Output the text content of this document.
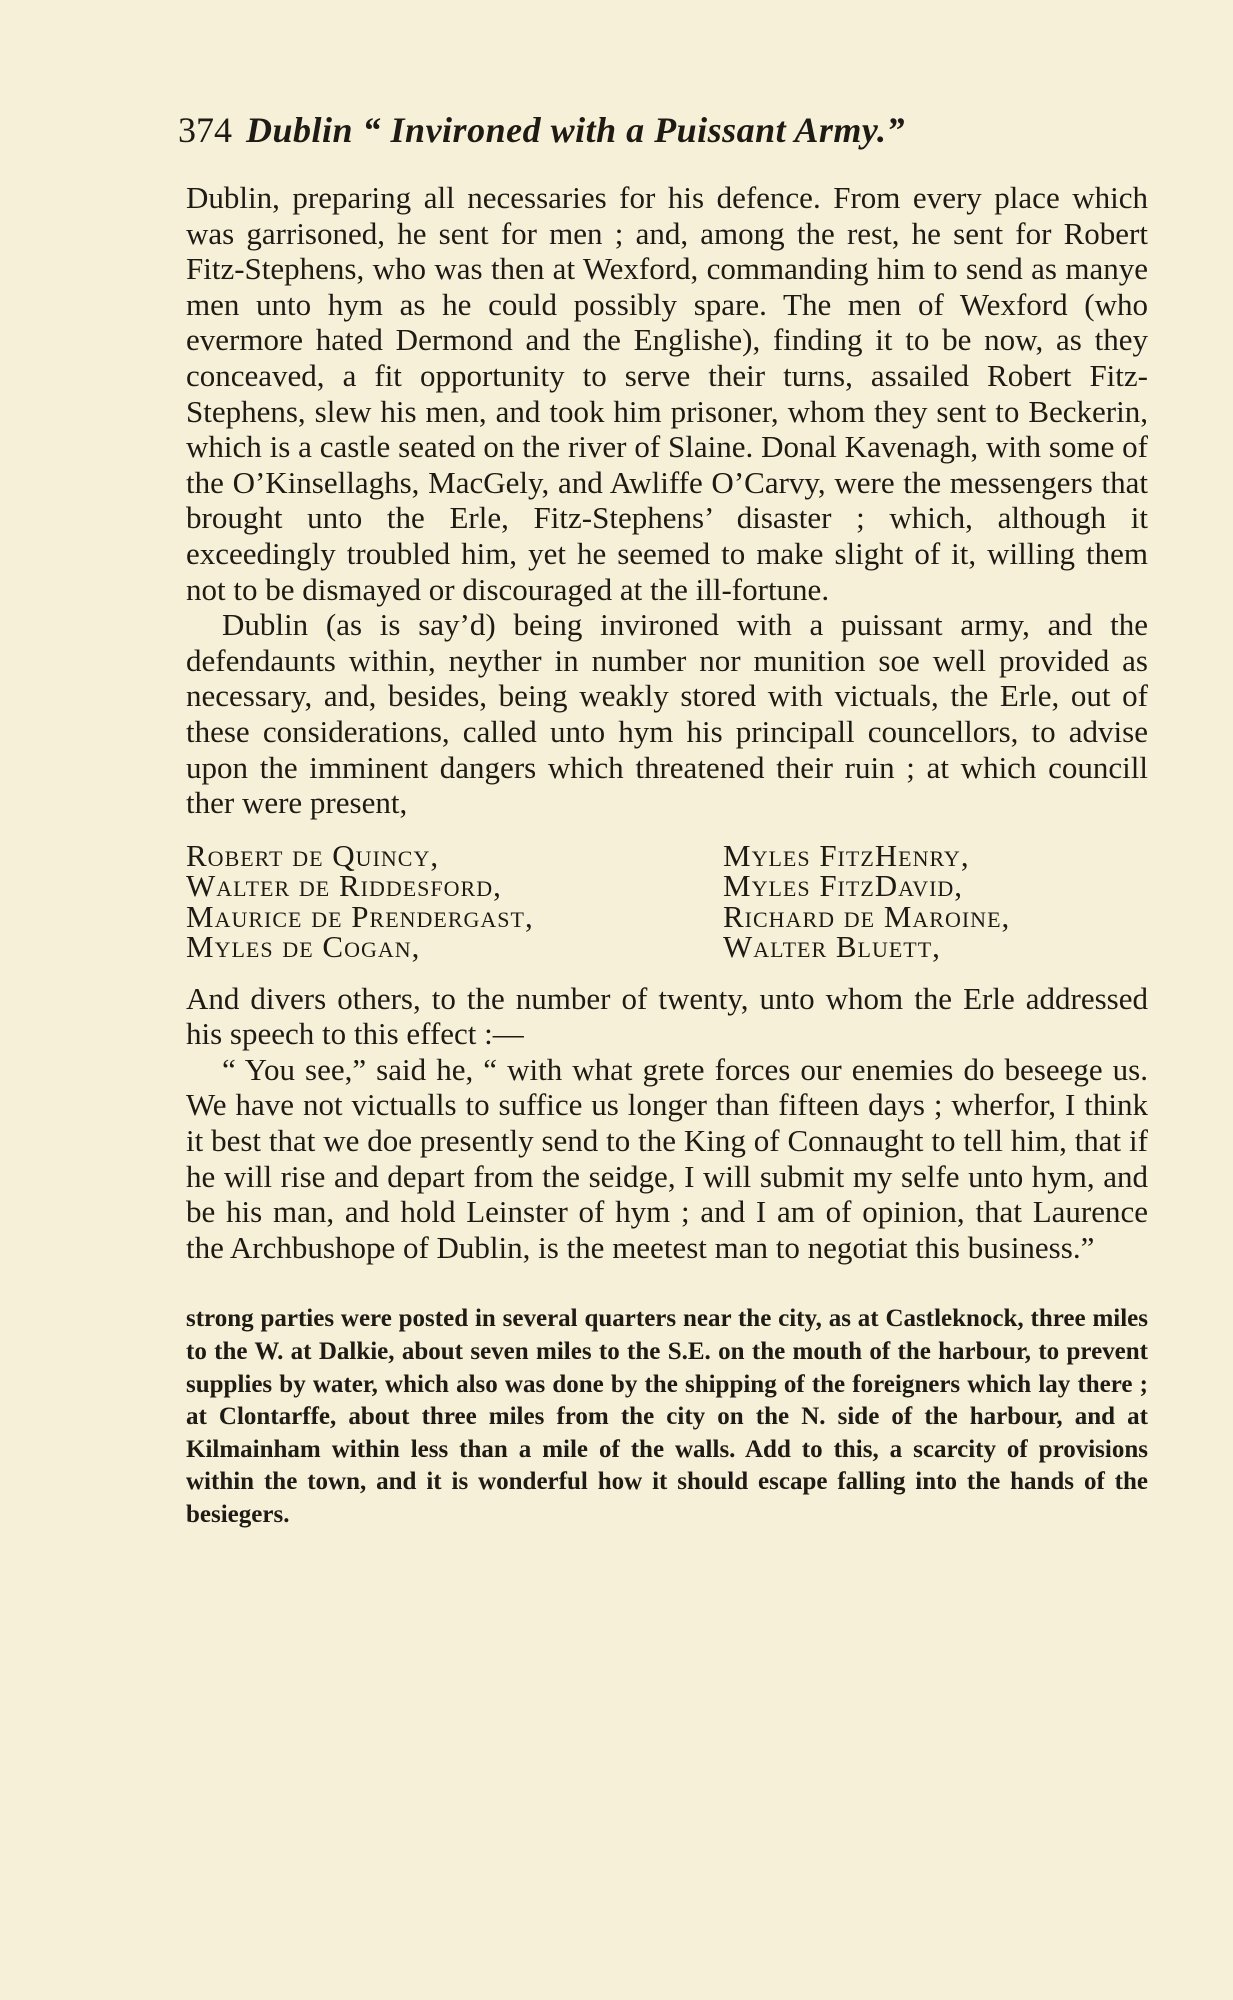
374 Dublin “ Invironed with a Puissant Army.”

Dublin, preparing all necessaries for his defence. From every place which was garrisoned, he sent for men ; and, among the rest, he sent for Robert Fitz-Stephens, who was then at Wexford, commanding him to send as manye men unto hym as he could possibly spare. The men of Wexford (who evermore hated Dermond and the Englishe), finding it to be now, as they conceaved, a fit opportunity to serve their turns, assailed Robert Fitz-Stephens, slew his men, and took him prisoner, whom they sent to Beckerin, which is a castle seated on the river of Slaine. Donal Kavenagh, with some of the O’Kinsellaghs, MacGely, and Awliffe O’Carvy, were the messengers that brought unto the Erle, Fitz-Stephens’ disaster ; which, although it exceedingly troubled him, yet he seemed to make slight of it, willing them not to be dismayed or discouraged at the ill-fortune.

Dublin (as is say’d) being invironed with a puissant army, and the defendaunts within, neyther in number nor munition soe well provided as necessary, and, besides, being weakly stored with victuals, the Erle, out of these considerations, called unto hym his principall councellors, to advise upon the imminent dangers which threatened their ruin ; at which councill ther were present,

Robert de Quincy,	Myles FitzHenry,
Walter de Riddesford,	Myles FitzDavid,
Maurice de Prendergast,	Richard de Maroine,
Myles de Cogan,	Walter Bluett,

And divers others, to the number of twenty, unto whom the Erle addressed his speech to this effect :—

“ You see,” said he, “ with what grete forces our enemies do beseege us. We have not victualls to suffice us longer than fifteen days ; wherfor, I think it best that we doe presently send to the King of Connaught to tell him, that if he will rise and depart from the seidge, I will submit my selfe unto hym, and be his man, and hold Leinster of hym ; and I am of opinion, that Laurence the Archbushope of Dublin, is the meetest man to negotiat this business.”

strong parties were posted in several quarters near the city, as at Castleknock, three miles to the W. at Dalkie, about seven miles to the S.E. on the mouth of the harbour, to prevent supplies by water, which also was done by the shipping of the foreigners which lay there ; at Clontarffe, about three miles from the city on the N. side of the harbour, and at Kilmainham within less than a mile of the walls. Add to this, a scarcity of provisions within the town, and it is wonderful how it should escape falling into the hands of the besiegers.
